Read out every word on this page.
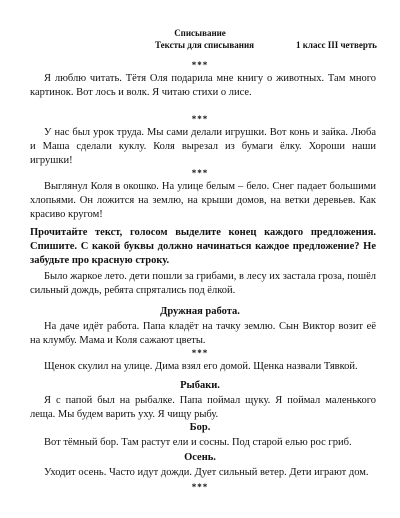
Списывание
Тексты для списывания	1 класс III четверть
***
Я люблю читать. Тётя Оля подарила мне книгу о животных. Там много картинок. Вот лось и волк. Я читаю стихи о лисе.
***
У нас был урок труда. Мы сами делали игрушки. Вот конь и зайка. Люба и Маша сделали куклу. Коля вырезал из бумаги ёлку. Хороши наши игрушки!
***
Выглянул Коля в окошко. На улице белым – бело. Снег падает большими хлопьями. Он ложится на землю, на крыши домов, на ветки деревьев. Как красиво кругом!
Прочитайте текст, голосом выделите конец каждого предложения. Спишите. С какой буквы должно начинаться каждое предложение? Не забудьте про красную строку.
Было жаркое лето. дети пошли за грибами, в лесу их застала гроза, пошёл сильный дождь, ребята спрятались под ёлкой.
Дружная работа.
На даче идёт работа. Папа кладёт на тачку землю. Сын Виктор возит её на клумбу. Мама и Коля сажают цветы.
***
Щенок скулил на улице. Дима взял его домой. Щенка назвали Тявкой.
Рыбаки.
Я с папой был на рыбалке. Папа поймал щуку. Я поймал маленького леща. Мы будем варить уху. Я чищу рыбу.
Бор.
Вот тёмный бор. Там растут ели и сосны. Под старой елью рос гриб.
Осень.
Уходит осень. Часто идут дожди. Дует сильный ветер. Дети играют дом.
***
